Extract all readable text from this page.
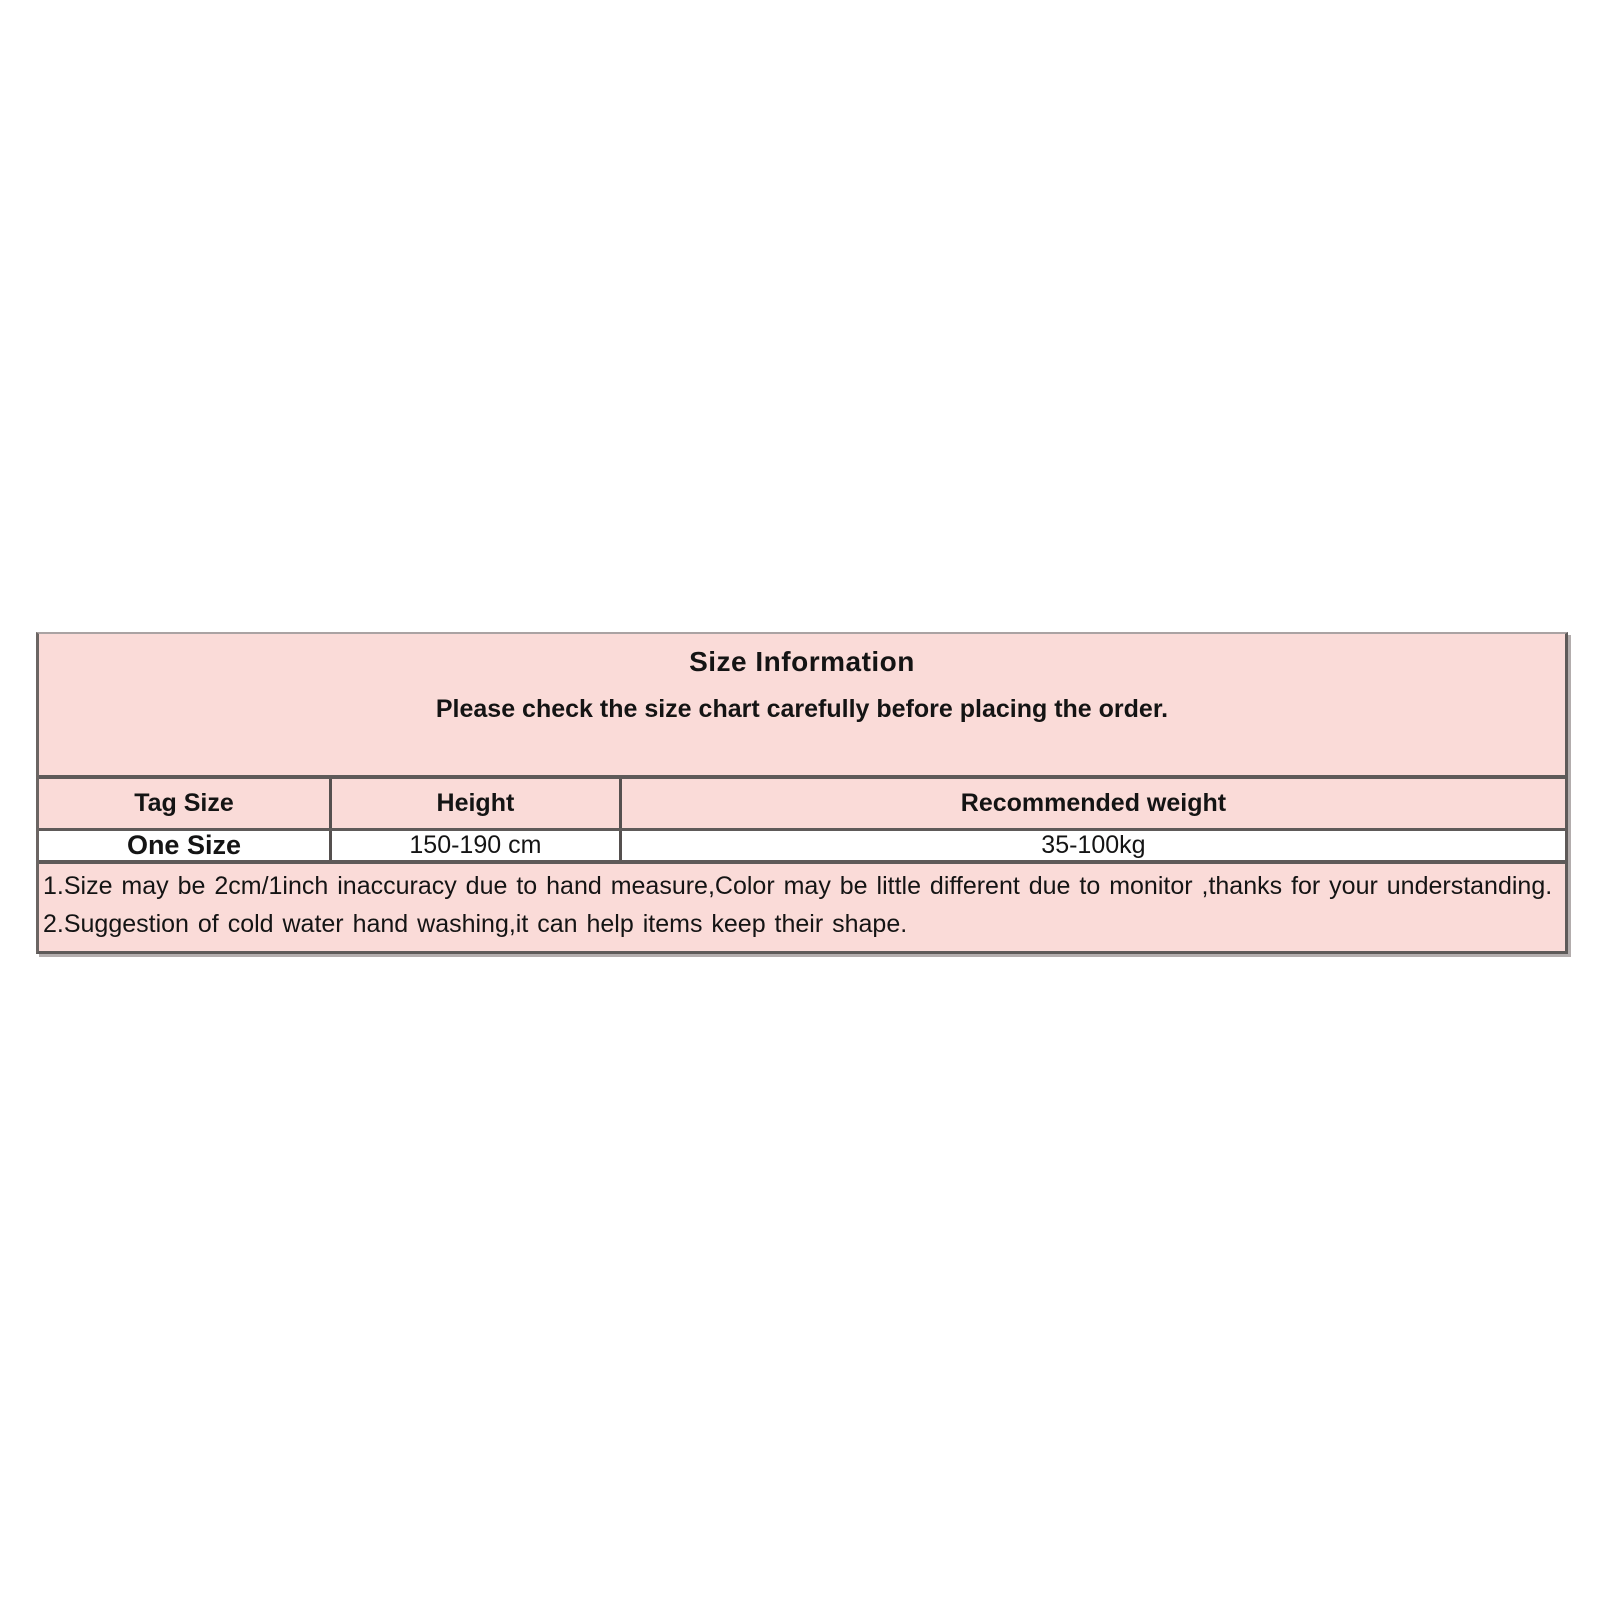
Size Information
Please check the size chart carefully before placing the order.
Tag Size	Height	Recommended weight
One Size	150-190 cm	35-100kg

1.Size may be 2cm/1inch inaccuracy due to hand measure,Color may be little different due to monitor ,thanks for your understanding.

2.Suggestion of cold water hand washing,it can help items keep their shape.
